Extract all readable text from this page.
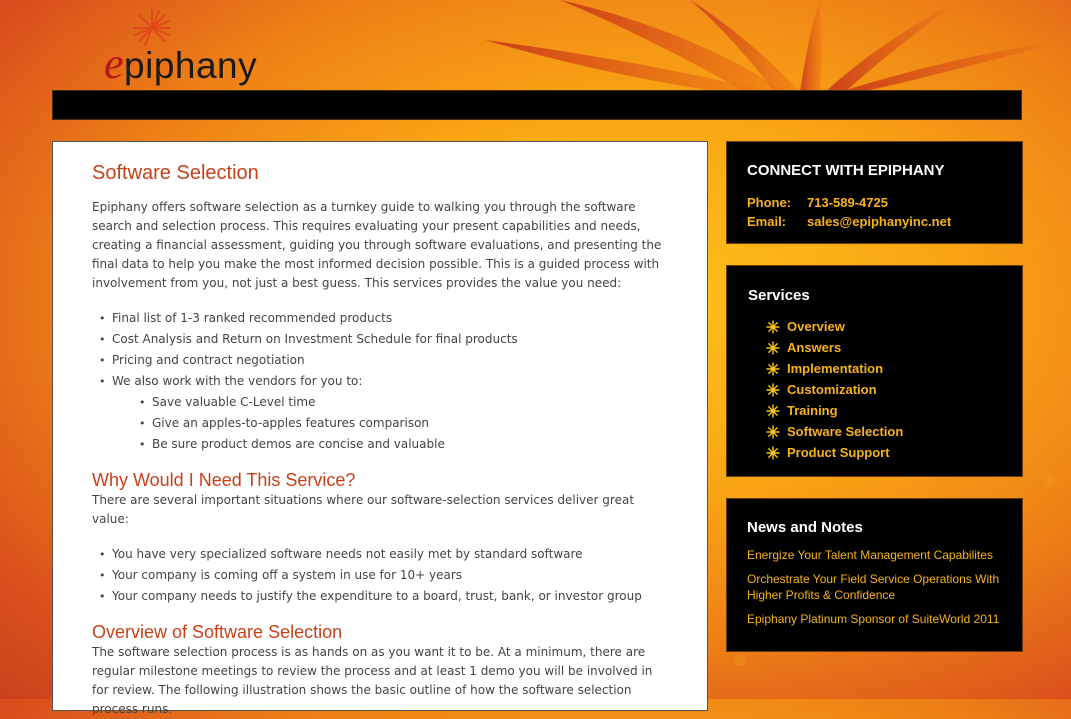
epiphany
Software Selection

Epiphany offers software selection as a turnkey guide to walking you through the software search and selection process. This requires evaluating your present capabilities and needs, creating a financial assessment, guiding you through software evaluations, and presenting the final data to help you make the most informed decision possible. This is a guided process with involvement from you, not just a best guess. This services provides the value you need:

• Final list of 1-3 ranked recommended products
• Cost Analysis and Return on Investment Schedule for final products
• Pricing and contract negotiation
• We also work with the vendors for you to:
• Save valuable C-Level time
• Give an apples-to-apples features comparison
• Be sure product demos are concise and valuable
Why Would I Need This Service?

There are several important situations where our software-selection services deliver great value:

• You have very specialized software needs not easily met by standard software
• Your company is coming off a system in use for 10+ years
• Your company needs to justify the expenditure to a board, trust, bank, or investor group
Overview of Software Selection

The software selection process is as hands on as you want it to be. At a minimum, there are regular milestone meetings to review the process and at least 1 demo you will be involved in for review. The following illustration shows the basic outline of how the software selection process runs.

CONNECT WITH EPIPHANY
Phone:	713-589-4725
Email:	sales@epiphanyinc.net
Services
Overview
Answers
Implementation
Customization
Training
Software Selection
Product Support
News and Notes
Energize Your Talent Management Capabilites
Orchestrate Your Field Service Operations With Higher Profits & Confidence
Epiphany Platinum Sponsor of SuiteWorld 2011
